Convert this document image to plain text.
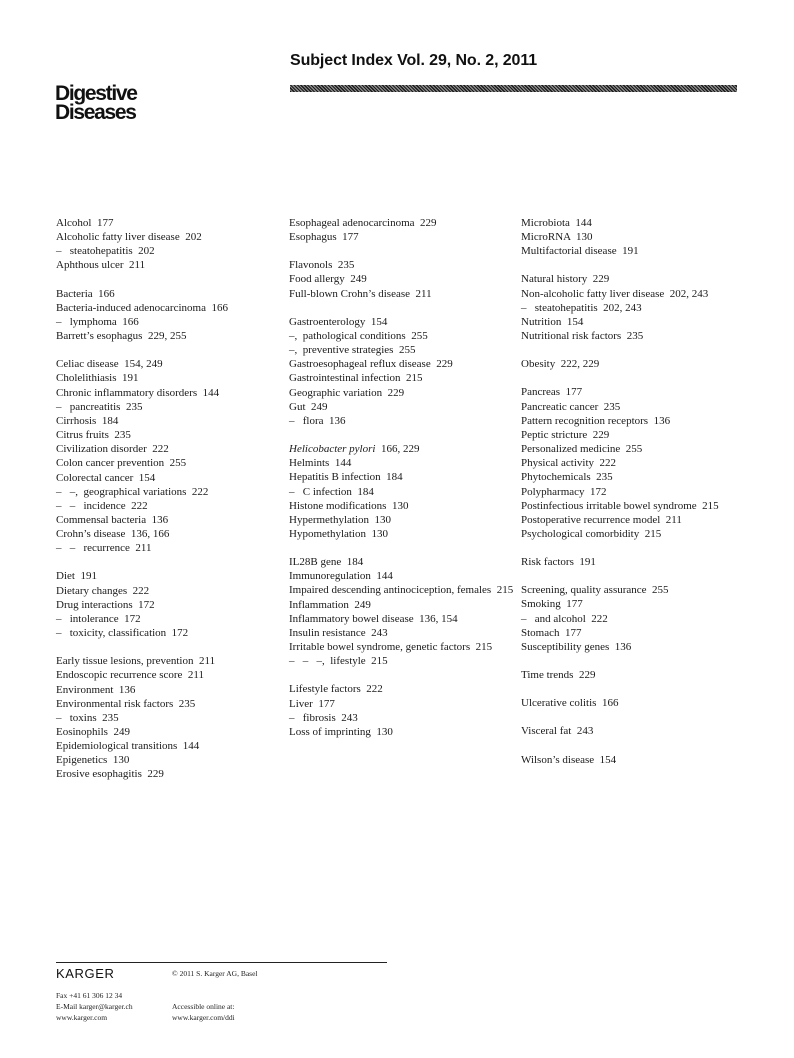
Subject Index Vol. 29, No. 2, 2011
Digestive
Diseases
Alcohol  177
Alcoholic fatty liver disease  202
–   steatohepatitis  202
Aphthous ulcer  211
Bacteria  166
Bacteria-induced adenocarcinoma  166
–   lymphoma  166
Barrett’s esophagus  229, 255
Celiac disease  154, 249
Cholelithiasis  191
Chronic inflammatory disorders  144
–   pancreatitis  235
Cirrhosis  184
Citrus fruits  235
Civilization disorder  222
Colon cancer prevention  255
Colorectal cancer  154
–   –,  geographical variations  222
–   –   incidence  222
Commensal bacteria  136
Crohn’s disease  136, 166
–   –   recurrence  211
Diet  191
Dietary changes  222
Drug interactions  172
–   intolerance  172
–   toxicity, classification  172
Early tissue lesions, prevention  211
Endoscopic recurrence score  211
Environment  136
Environmental risk factors  235
–   toxins  235
Eosinophils  249
Epidemiological transitions  144
Epigenetics  130
Erosive esophagitis  229
Esophageal adenocarcinoma  229
Esophagus  177
Flavonols  235
Food allergy  249
Full-blown Crohn’s disease  211
Gastroenterology  154
–,  pathological conditions  255
–,  preventive strategies  255
Gastroesophageal reflux disease  229
Gastrointestinal infection  215
Geographic variation  229
Gut  249
–   flora  136
Helicobacter pylori  166, 229
Helmints  144
Hepatitis B infection  184
–   C infection  184
Histone modifications  130
Hypermethylation  130
Hypomethylation  130
IL28B gene  184
Immunoregulation  144
Impaired descending antinociception, females  215
Inflammation  249
Inflammatory bowel disease  136, 154
Insulin resistance  243
Irritable bowel syndrome, genetic factors  215
–   –   –,  lifestyle  215
Lifestyle factors  222
Liver  177
–   fibrosis  243
Loss of imprinting  130
Microbiota  144
MicroRNA  130
Multifactorial disease  191
Natural history  229
Non-alcoholic fatty liver disease  202, 243
–   steatohepatitis  202, 243
Nutrition  154
Nutritional risk factors  235
Obesity  222, 229
Pancreas  177
Pancreatic cancer  235
Pattern recognition receptors  136
Peptic stricture  229
Personalized medicine  255
Physical activity  222
Phytochemicals  235
Polypharmacy  172
Postinfectious irritable bowel syndrome  215
Postoperative recurrence model  211
Psychological comorbidity  215
Risk factors  191
Screening, quality assurance  255
Smoking  177
–   and alcohol  222
Stomach  177
Susceptibility genes  136
Time trends  229
Ulcerative colitis  166
Visceral fat  243
Wilson’s disease  154
KARGER	© 2011 S. Karger AG, Basel
Fax +41 61 306 12 34
E-Mail karger@karger.ch
www.karger.com
Accessible online at:
www.karger.com/ddi
